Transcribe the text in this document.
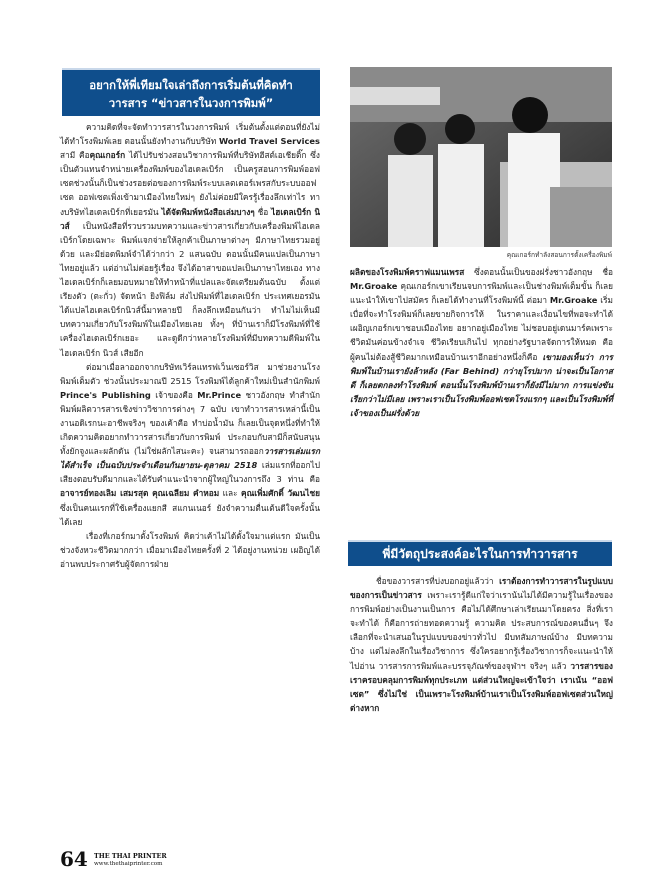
อยากให้พี่เทียมใจเล่าถึงการเริ่มต้นที่คิดทำ
วารสาร “ข่าวสารในวงการพิมพ์”

ความคิดที่จะจัดทำวารสารในวงการพิมพ์ เริ่มต้นตั้งแต่ตอนที่ยังไม่ได้ทำโรงพิมพ์เลย ตอนนั้นยังทำงานกับบริษัท World Travel Services สามี คือคุณเกอร์ก ได้ไปรับช่วงสอนวิชาการพิมพ์ที่บริษัทฮีสต์เอเชียติ๊ก ซึ่งเป็นตัวแทนจำหน่ายเครื่องพิมพ์ของไฮเดลเบิร์ก เป็นครูสอนการพิมพ์ออฟเซตช่วงนั้นก็เป็นช่วงรอยต่อของการพิมพ์ระบบเลตเตอร์เพรสกับระบบออฟเซต ออฟเซตเพิ่งเข้ามาเมืองไทยใหม่ๆ ยังไม่ค่อยมีใครรู้เรื่องลึกเท่าไร ทางบริษัทไฮเดลเบิร์กที่เยอรมัน ได้จัดพิมพ์หนังสือเล่มบางๆ ชื่อ ไฮเดลเบิร์ก นิวส์ เป็นหนังสือที่รวบรวมบทความและข่าวสารเกี่ยวกับเครื่องพิมพ์ไฮเดลเบิร์กโดยเฉพาะ พิมพ์แจกจ่ายให้ลูกค้าเป็นภาษาต่างๆ มีภาษาไทยรวมอยู่ด้วย และมีย่อดพิมพ์จำได้ว่ากว่า 2 แสนฉบับ ตอนนั้นมีคนแปลเป็นภาษาไทยอยู่แล้ว แต่อ่านไม่ค่อยรู้เรื่อง จึงได้อาสาขอแปลเป็นภาษาไทยเอง ทางไฮเดลเบิร์กก็เลยมอบหมายให้ทำหน้าที่แปลและจัดเตรียมต้นฉบับ ตั้งแต่เรียงตัว (ตะกั่ว) จัดหน้า ยิงฟิล์ม ส่งไปพิมพ์ที่ไฮเดลเบิร์ก ประเทศเยอรมัน ได้แปลไฮเดลเบิร์กนิวส์นี้มาหลายปี ก็ลงลึกเหมือนกันว่า ทำไมไม่เห็นมีบทความเกี่ยวกับโรงพิมพ์ในเมืองไทยเลย ทั้งๆ ที่บ้านเราก็มีโรงพิมพ์ที่ใช้เครื่องไฮเดลเบิร์กเยอะ และดูดีกว่าหลายโรงพิมพ์ที่มีบทความดีพิมพ์ในไฮเดลเบิร์ก นิวส์ เสียอีก

ต่อมาเมื่อลาออกจากบริษัทเวิร์ลแทรฟเว็นเซอร์วิส มาช่วยงานโรงพิมพ์เต็มตัว ช่วงนั้นประมาณปี 2515 โรงพิมพ์ได้ลูกค้าใหม่เป็นสำนักพิมพ์ Prince's Publishing เจ้าของคือ Mr.Prince ชาวอังกฤษ ทำสำนักพิมพ์ผลิตวารสารเชิงข่าววิชาการต่างๆ 7 ฉบับ เขาทำวารสารเหล่านี้เป็นงานอดิเรกนะอาชีพจริงๆ ของเค้าคือ ทำบ่อน้ำมัน ก็เลยเป็นจุดหนึ่งที่ทำให้เกิดความคิดอยากทำวารสารเกี่ยวกับการพิมพ์ ประกอบกับสามีก็สนับสนุน ทั้งยักจูงและผลักดัน (ไม่ใช่ผลักไสนะคะ) จนสามารถออกวารสารเล่มแรกได้สำเร็จ เป็นฉบับประจำเดือนกันยายน-ตุลาคม 2518 เล่มแรกที่ออกไปเสียงตอบรับดีมากและได้รับคำแนะนำจากผู้ใหญ่ในวงการถึง 3 ท่าน คือ อาจารย์ทองเลิม เสมรสุต คุณเฉลียม คำหอม และ คุณเพิ่มศักดิ์ วัฒนไชย ซึ่งเป็นคนแรกที่ใช้เครื่องแยกสี สแกนเนอร์ ยังจำความตื่นเต้นดีใจครั้งนั้นได้เลย

เรื่องที่เกอร์กมาตั้งโรงพิมพ์ คิดว่าเค้าไม่ได้ตั้งใจมาแต่แรก มันเป็นช่วงจังหวะชีวิตมากกว่า เมื่อมาเมืองไทยครั้งที่ 2 ได้อยู่งานหน่วย เผอิญได้อ่านพบประกาศรับผู้จัดการฝ่าย

คุณเกอร์กทำลังสอนการตั้งเครื่องพิมพ์

ผลิตของโรงพิมพ์คราฟแมนเพรส ซึ่งตอนนั้นเป็นของฝรั่งชาวอังกฤษ ชื่อ Mr.Groake คุณเกอร์กเขาเรียนจบการพิมพ์และเป็นช่างพิมพ์เต็มขั้น ก็เลยแนะนำให้เขาไปสมัคร ก็เลยได้ทำงานที่โรงพิมพ์นี้ ต่อมา Mr.Groake เริ่มเบื่อที่จะทำโรงพิมพ์ก็เลยขายกิจการให้ ในราคาและเงื่อนไขที่พอจะทำได้ เผอิญเกอร์กเขาชอบเมืองไทย อยากอยู่เมืองไทย ไม่ชอบอยู่เดนมาร์คเพราะชีวิตมันค่อนข้างจำเจ ชีวิตเรียบเกินไป ทุกอย่างรัฐบาลจัดการให้หมด คือผู้คนไม่ต้องสู้ชีวิตมากเหมือนบ้านเราอีกอย่างหนึ่งก็คือ เขามองเห็นว่า การพิมพ์ในบ้านเรายังล้าหลัง (Far Behind) กว่ายุโรปมาก น่าจะเป็นโอกาสดี ก็เลยตกลงทำโรงพิมพ์ ตอนนั้นโรงพิมพ์บ้านเราก็ยังมีไม่มาก การแข่งขันเรียกว่าไม่มีเลย เพราะเราเป็นโรงพิมพ์ออฟเซตโรงแรกๆ และเป็นโรงพิมพ์ที่เจ้าของเป็นฝรั่งด้วย

พี่มีวัตถุประสงค์อะไรในการทำวารสาร

ชื่อของวารสารที่บ่งบอกอยู่แล้วว่า เราต้องการทำวารสารในรูปแบบของการเป็นข่าวสาร เพราะเรารู้ดีแก่ใจว่าเราน้นไม่ได้มีความรู้ในเรื่องของการพิมพ์อย่างเป็นงานเป็นการ คือไม่ได้ศึกษาเล่าเรียนมาโดยตรง สิ่งที่เราจะทำได้ ก็คือการถ่ายทอดความรู้ ความคิด ประสบการณ์ของคนอื่นๆ จึงเลือกที่จะนำเสนอในรูปแบบของข่าวทั่วไป มีบทสัมภาษณ์บ้าง มีบทความบ้าง แต่ไม่ลงลึกในเรื่องวิชาการ ซึ่งใครอยากรู้เรื่องวิชาการก็จะแนะนำให้ไปอ่าน วารสารการพิมพ์และบรรจุภัณฑ์ของจุฬาฯ จริงๆ แล้ว วารสารของเราครอบคลุมการพิมพ์ทุกประเภท แต่ส่วนใหญ่จะเข้าใจว่า เราเน้น “ออฟเซต” ซึ่งไม่ใช่ เป็นเพราะโรงพิมพ์บ้านเราเป็นโรงพิมพ์ออฟเซตส่วนใหญ่ต่างหาก

64 THE THAI PRINTER
www.thethaiprinter.com
